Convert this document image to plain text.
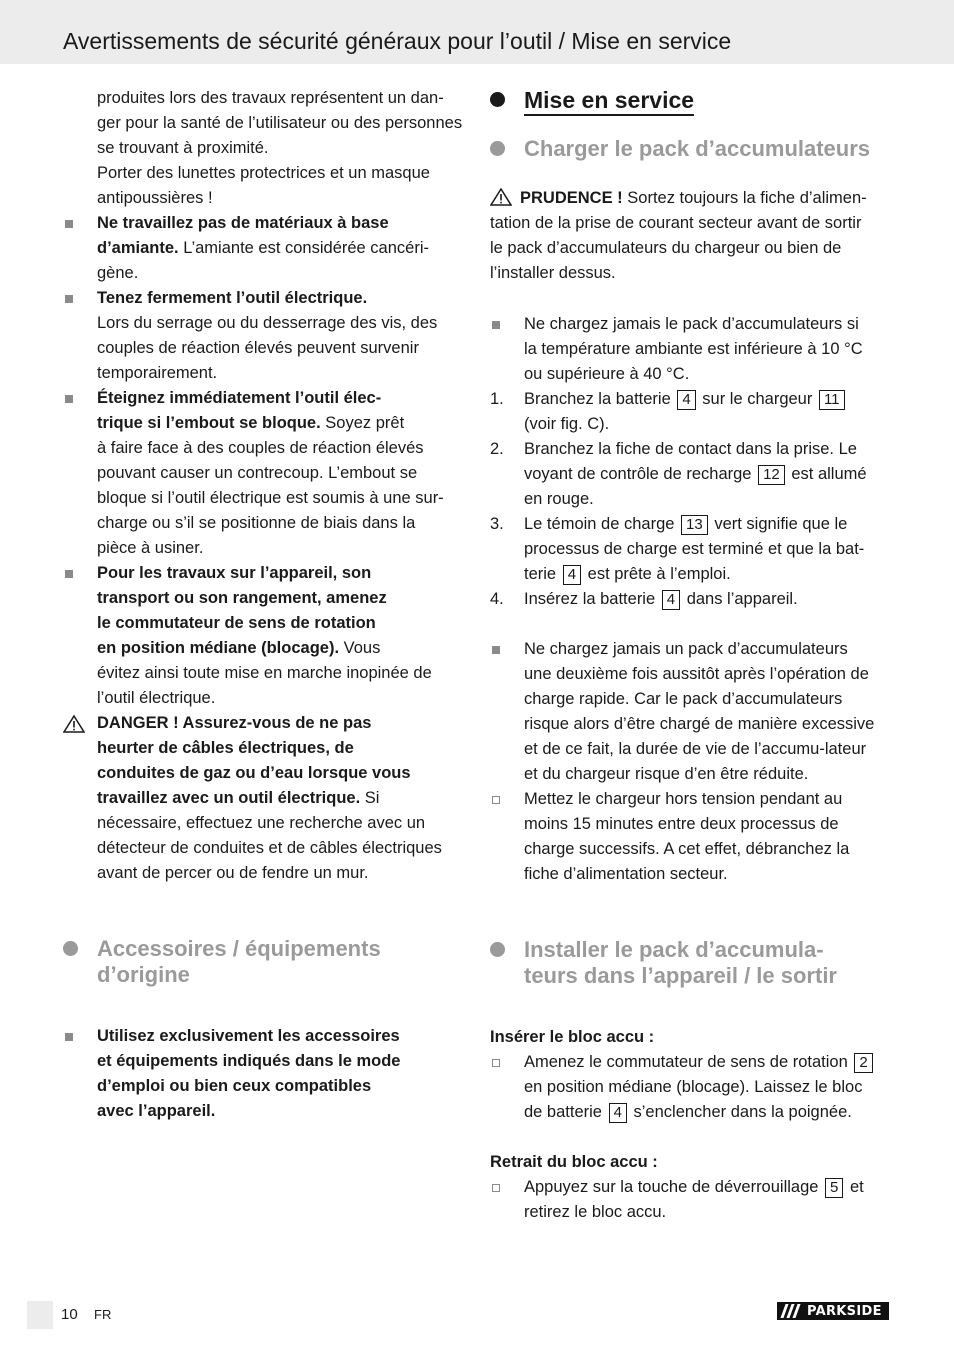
Avertissements de sécurité généraux pour l’outil / Mise en service
produites lors des travaux représentent un dan-
ger pour la santé de l’utilisateur ou des personnes
se trouvant à proximité.
Porter des lunettes protectrices et un masque
antipoussières !
Ne travaillez pas de matériaux à base
d’amiante. L’amiante est considérée cancéri-
gène.
Tenez fermement l’outil électrique.
Lors du serrage ou du desserrage des vis, des
couples de réaction élevés peuvent survenir
temporairement.
Éteignez immédiatement l’outil élec-
trique si l’embout se bloque. Soyez prêt
à faire face à des couples de réaction élevés
pouvant causer un contrecoup. L’embout se
bloque si l’outil électrique est soumis à une sur-
charge ou s’il se positionne de biais dans la
pièce à usiner.
Pour les travaux sur l’appareil, son
transport ou son rangement, amenez
le commutateur de sens de rotation
en position médiane (blocage). Vous
évitez ainsi toute mise en marche inopinée de
l’outil électrique.
DANGER ! Assurez-vous de ne pas
heurter de câbles électriques, de
conduites de gaz ou d’eau lorsque vous
travaillez avec un outil électrique. Si
nécessaire, effectuez une recherche avec un
détecteur de conduites et de câbles électriques
avant de percer ou de fendre un mur.
Accessoires / équipements
d’origine
Utilisez exclusivement les accessoires
et équipements indiqués dans le mode
d’emploi ou bien ceux compatibles
avec l’appareil.
Mise en service
Charger le pack d’accumulateurs
PRUDENCE ! Sortez toujours la fiche d’alimen-
tation de la prise de courant secteur avant de sortir
le pack d’accumulateurs du chargeur ou bien de
l’installer dessus.
Ne chargez jamais le pack d’accumulateurs si
la température ambiante est inférieure à 10 °C
ou supérieure à 40 °C.
1.	Branchez la batterie 4 sur le chargeur 11
(voir fig. C).
2.	Branchez la fiche de contact dans la prise. Le
voyant de contrôle de recharge 12 est allumé
en rouge.
3.	Le témoin de charge 13 vert signifie que le
processus de charge est terminé et que la bat-
terie 4 est prête à l’emploi.
4.	Insérez la batterie 4 dans l’appareil.
Ne chargez jamais un pack d’accumulateurs
une deuxième fois aussitôt après l’opération de
charge rapide. Car le pack d’accumulateurs
risque alors d’être chargé de manière excessive
et de ce fait, la durée de vie de l’accumu-lateur
et du chargeur risque d’en être réduite.
Mettez le chargeur hors tension pendant au
moins 15 minutes entre deux processus de
charge successifs. A cet effet, débranchez la
fiche d’alimentation secteur.
Installer le pack d’accumula-
teurs dans l’appareil / le sortir
Insérer le bloc accu :
Amenez le commutateur de sens de rotation 2
en position médiane (blocage). Laissez le bloc
de batterie 4 s’enclencher dans la poignée.
Retrait du bloc accu :
Appuyez sur la touche de déverrouillage 5 et
retirez le bloc accu.
10 FR	PARKSIDE
